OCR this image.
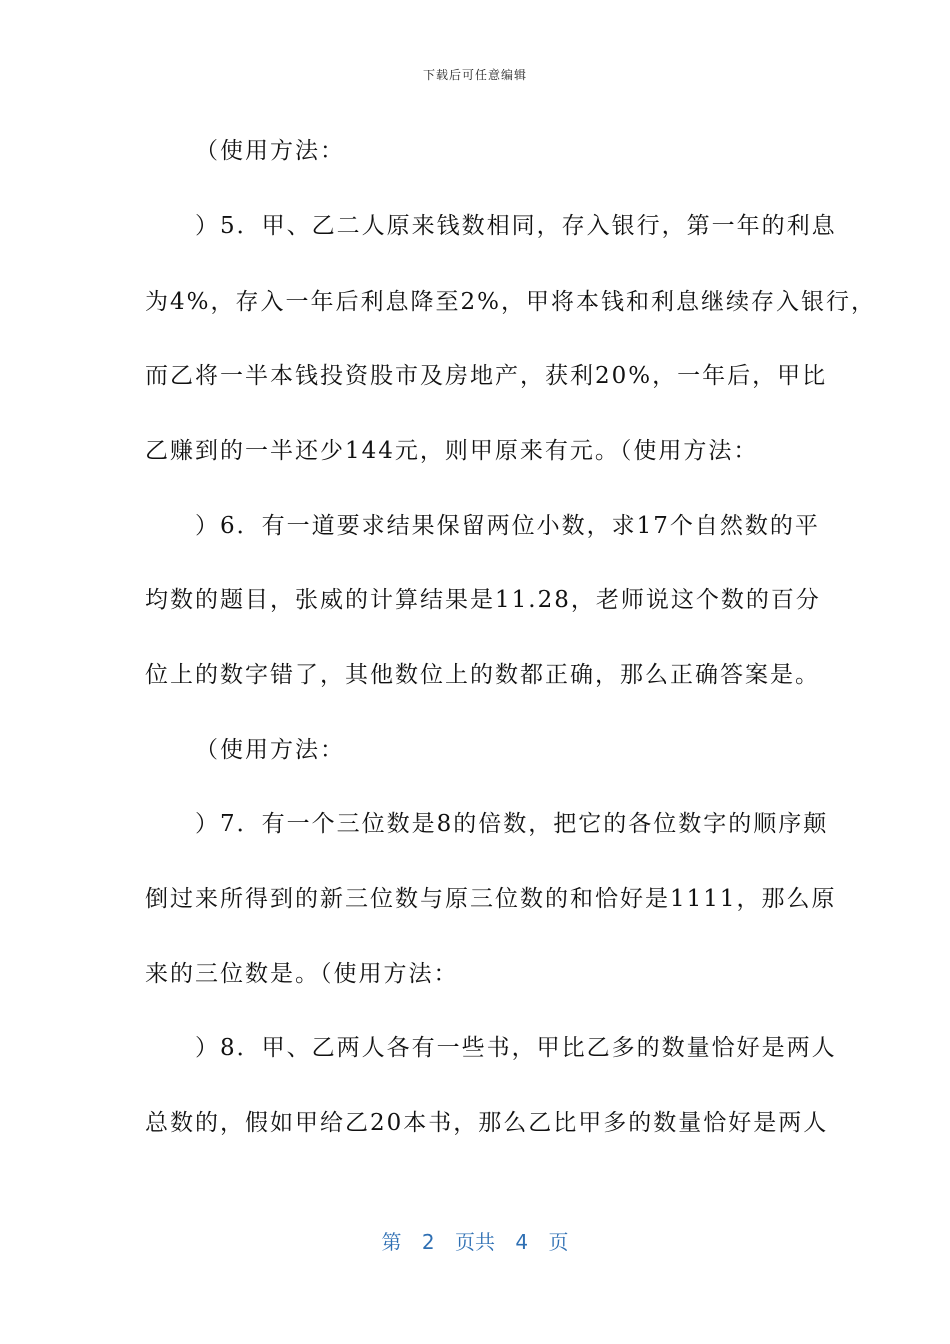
下载后可任意编辑
（使用方法：
）5．甲、乙二人原来钱数相同，存入银行，第一年的利息
为4%，存入一年后利息降至2%，甲将本钱和利息继续存入银行，
而乙将一半本钱投资股市及房地产，获利20%，一年后，甲比
乙赚到的一半还少144元，则甲原来有元。（使用方法：
）6．有一道要求结果保留两位小数，求17个自然数的平
均数的题目，张威的计算结果是11.28，老师说这个数的百分
位上的数字错了，其他数位上的数都正确，那么正确答案是。
（使用方法：
）7．有一个三位数是8的倍数，把它的各位数字的顺序颠
倒过来所得到的新三位数与原三位数的和恰好是1111，那么原
来的三位数是。（使用方法：
）8．甲、乙两人各有一些书，甲比乙多的数量恰好是两人
总数的，假如甲给乙20本书，那么乙比甲多的数量恰好是两人
第 2 页共 4 页
